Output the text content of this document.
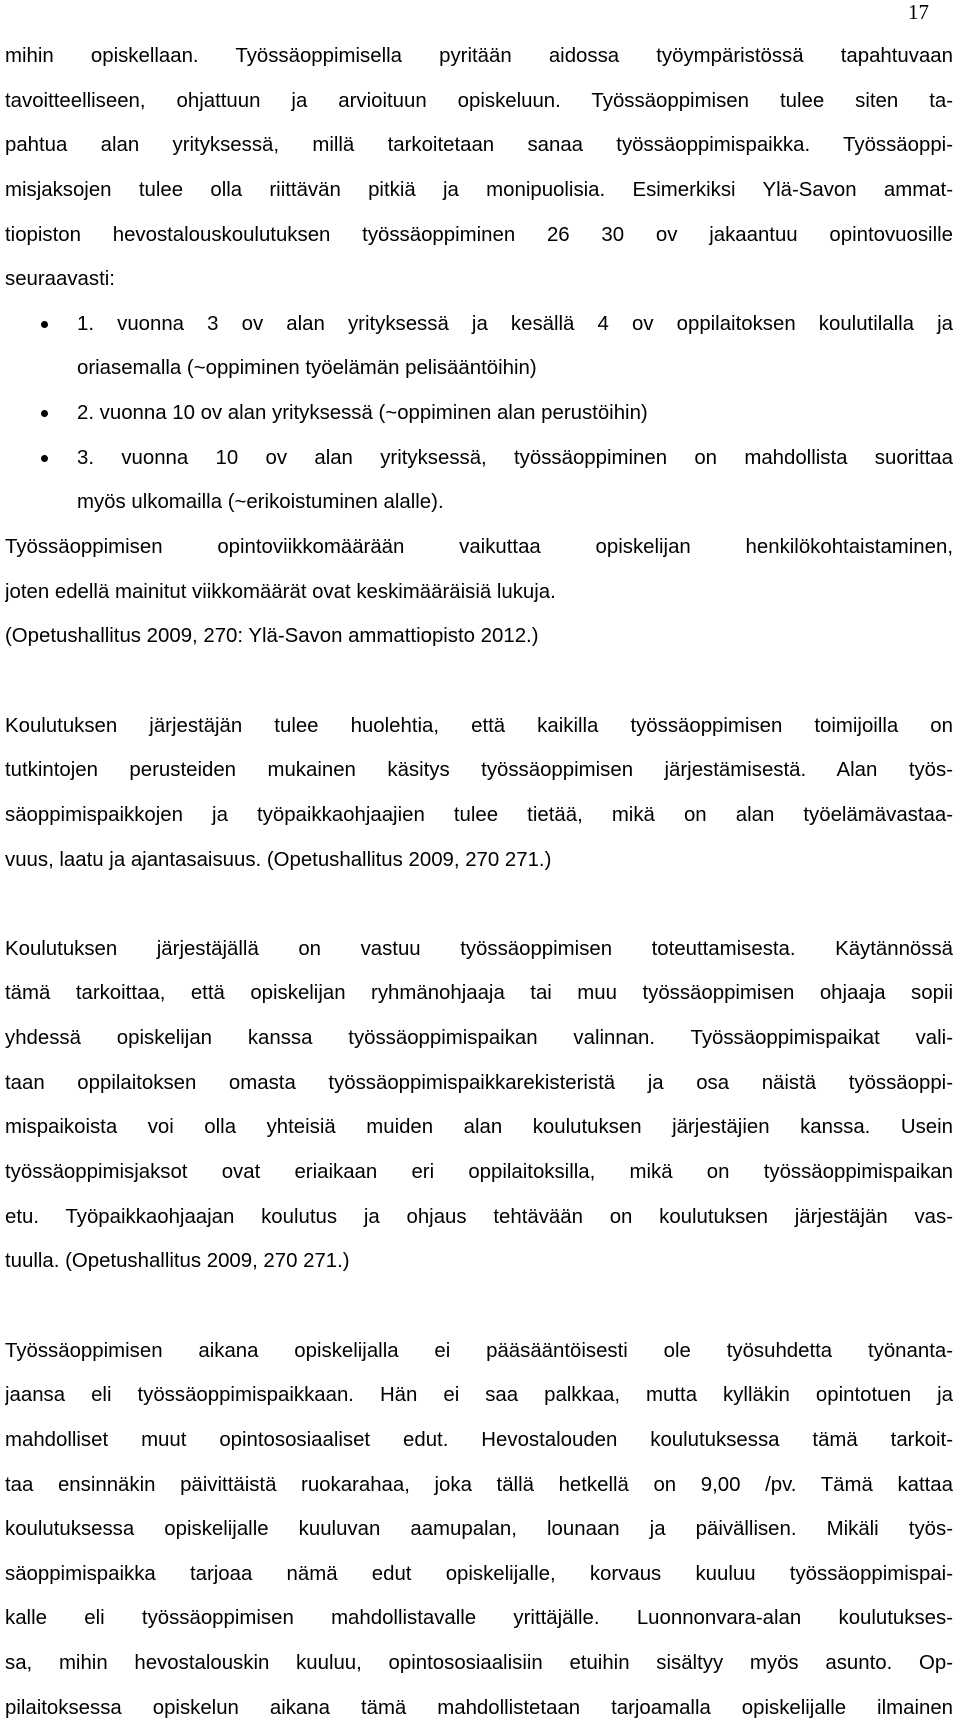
17
mihin opiskellaan. Työssäoppimisella pyritään aidossa työympäristössä tapahtuvaan
tavoitteelliseen, ohjattuun ja arvioituun opiskeluun. Työssäoppimisen tulee siten ta-
pahtua alan yrityksessä, millä tarkoitetaan sanaa työssäoppimispaikka. Työssäoppi-
misjaksojen tulee olla riittävän pitkiä ja monipuolisia. Esimerkiksi Ylä-Savon ammat-
tiopiston hevostalouskoulutuksen työssäoppiminen 26 30 ov jakaantuu opintovuosille
seuraavasti:
1. vuonna 3 ov alan yrityksessä ja kesällä 4 ov oppilaitoksen koulutilalla ja
oriasemalla (~oppiminen työelämän pelisääntöihin)
2. vuonna 10 ov alan yrityksessä (~oppiminen alan perustöihin)
3. vuonna 10 ov alan yrityksessä, työssäoppiminen on mahdollista suorittaa
myös ulkomailla (~erikoistuminen alalle).
Työssäoppimisen opintoviikkomäärään vaikuttaa opiskelijan henkilökohtaistaminen,
joten edellä mainitut viikkomäärät ovat keskimääräisiä lukuja.
(Opetushallitus 2009, 270: Ylä-Savon ammattiopisto 2012.)
Koulutuksen järjestäjän tulee huolehtia, että kaikilla työssäoppimisen toimijoilla on
tutkintojen perusteiden mukainen käsitys työssäoppimisen järjestämisestä. Alan työs-
säoppimispaikkojen ja työpaikkaohjaajien tulee tietää, mikä on alan työelämävastaa-
vuus, laatu ja ajantasaisuus. (Opetushallitus 2009, 270 271.)
Koulutuksen järjestäjällä on vastuu työssäoppimisen toteuttamisesta. Käytännössä
tämä tarkoittaa, että opiskelijan ryhmänohjaaja tai muu työssäoppimisen ohjaaja sopii
yhdessä opiskelijan kanssa työssäoppimispaikan valinnan. Työssäoppimispaikat vali-
taan oppilaitoksen omasta työssäoppimispaikkarekisteristä ja osa näistä työssäoppi-
mispaikoista voi olla yhteisiä muiden alan koulutuksen järjestäjien kanssa. Usein
työssäoppimisjaksot ovat eriaikaan eri oppilaitoksilla, mikä on työssäoppimispaikan
etu. Työpaikkaohjaajan koulutus ja ohjaus tehtävään on koulutuksen järjestäjän vas-
tuulla. (Opetushallitus 2009, 270 271.)
Työssäoppimisen aikana opiskelijalla ei pääsääntöisesti ole työsuhdetta työnanta-
jaansa eli työssäoppimispaikkaan. Hän ei saa palkkaa, mutta kylläkin opintotuen ja
mahdolliset muut opintososiaaliset edut. Hevostalouden koulutuksessa tämä tarkoit-
taa ensinnäkin päivittäistä ruokarahaa, joka tällä hetkellä on 9,00 /pv. Tämä kattaa
koulutuksessa opiskelijalle kuuluvan aamupalan, lounaan ja päivällisen. Mikäli työs-
säoppimispaikka tarjoaa nämä edut opiskelijalle, korvaus kuuluu työssäoppimispai-
kalle eli työssäoppimisen mahdollistavalle yrittäjälle. Luonnonvara-alan koulutukses-
sa, mihin hevostalouskin kuuluu, opintososiaalisiin etuihin sisältyy myös asunto. Op-
pilaitoksessa opiskelun aikana tämä mahdollistetaan tarjoamalla opiskelijalle ilmainen
